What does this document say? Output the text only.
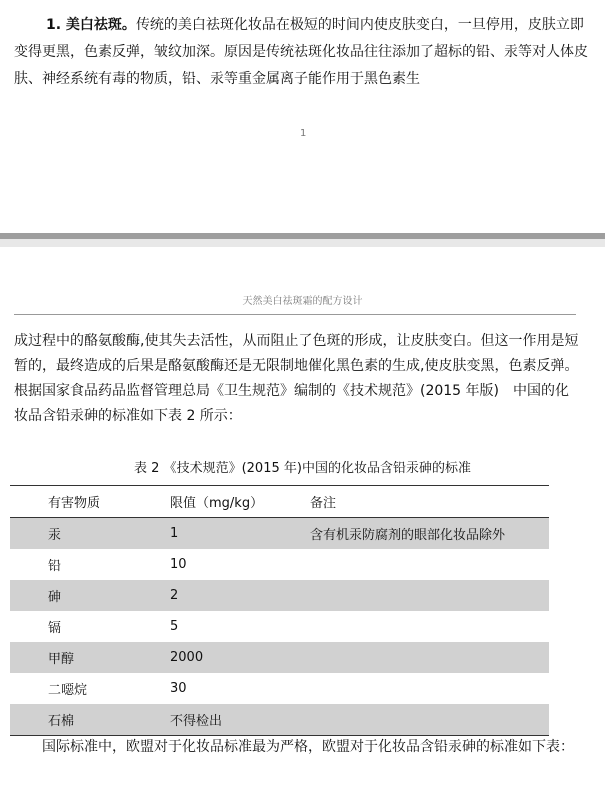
1. 美白祛斑。传统的美白祛斑化妆品在极短的时间内使皮肤变白，一旦停用，皮肤立即变得更黑，色素反弹，皱纹加深。原因是传统祛斑化妆品往往添加了超标的铅、汞等对人体皮肤、神经系统有毒的物质，铅、汞等重金属离子能作用于黑色素生

1
天然美白祛斑霜的配方设计

成过程中的酪氨酸酶,使其失去活性，从而阻止了色斑的形成，让皮肤变白。但这一作用是短暂的，最终造成的后果是酪氨酸酶还是无限制地催化黑色素的生成,使皮肤变黑，色素反弹。根据国家食品药品监督管理总局《卫生规范》编制的《技术规范》(2015 年版)　中国的化妆品含铅汞砷的标准如下表 2 所示：

表 2 《技术规范》(2015 年)中国的化妆品含铅汞砷的标准
有害物质	限值（mg/kg）	备注
汞	1	含有机汞防腐剂的眼部化妆品除外
铅	10	
砷	2	
镉	5	
甲醇	2000	
二噁烷	30	
石棉	不得检出	

国际标准中，欧盟对于化妆品标准最为严格，欧盟对于化妆品含铅汞砷的标准如下表：
